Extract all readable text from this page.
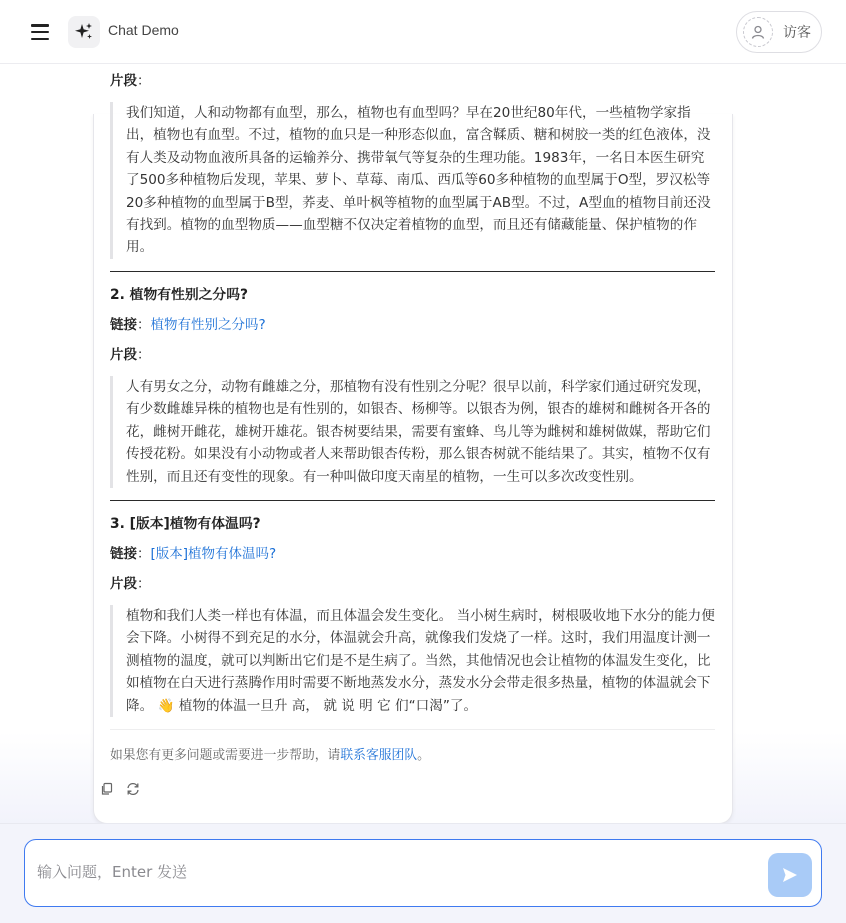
Chat Demo	访客
片段：
我们知道，人和动物都有血型，那么，植物也有血型吗？早在20世纪80年代，一些植物学家指出，植物也有血型。不过，植物的血只是一种形态似血，富含鞣质、糖和树胶一类的红色液体，没有人类及动物血液所具备的运输养分、携带氧气等复杂的生理功能。1983年，一名日本医生研究了500多种植物后发现，苹果、萝卜、草莓、南瓜、西瓜等60多种植物的血型属于O型，罗汉松等20多种植物的血型属于B型，荞麦、单叶枫等植物的血型属于AB型。不过，A型血的植物目前还没有找到。植物的血型物质——血型糖不仅决定着植物的血型，而且还有储藏能量、保护植物的作用。
2. 植物有性别之分吗?
链接：植物有性别之分吗?
片段：
人有男女之分，动物有雌雄之分，那植物有没有性别之分呢？很早以前，科学家们通过研究发现，有少数雌雄异株的植物也是有性别的，如银杏、杨柳等。以银杏为例，银杏的雄树和雌树各开各的花，雌树开雌花，雄树开雄花。银杏树要结果，需要有蜜蜂、鸟儿等为雌树和雄树做媒，帮助它们传授花粉。如果没有小动物或者人来帮助银杏传粉，那么银杏树就不能结果了。其实，植物不仅有性别，而且还有变性的现象。有一种叫做印度天南星的植物，一生可以多次改变性别。
3. [版本]植物有体温吗?
链接：[版本]植物有体温吗?
片段：
植物和我们人类一样也有体温，而且体温会发生变化。 当小树生病时，树根吸收地下水分的能力便会下降。小树得不到充足的水分，体温就会升高，就像我们发烧了一样。这时，我们用温度计测一测植物的温度，就可以判断出它们是不是生病了。当然，其他情况也会让植物的体温发生变化，比如植物在白天进行蒸腾作用时需要不断地蒸发水分，蒸发水分会带走很多热量，植物的体温就会下降。 👋 植物的体温一旦升 高， 就 说 明 它 们“口渴”了。
如果您有更多问题或需要进一步帮助，请联系客服团队。
输入问题，Enter 发送
